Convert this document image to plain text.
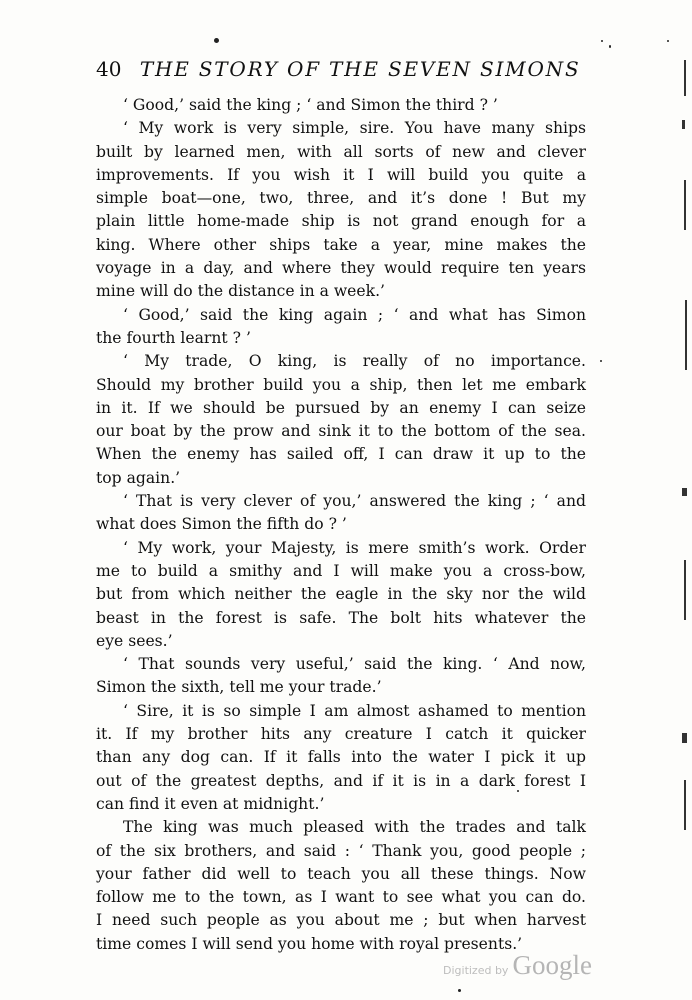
40 THE STORY OF THE SEVEN SIMONS
‘ Good,’ said the king ; ‘ and Simon the third ? ’
‘ My work is very simple, sire. You have many ships
built by learned men, with all sorts of new and clever
improvements. If you wish it I will build you quite a
simple boat—one, two, three, and it’s done ! But my
plain little home-made ship is not grand enough for a
king. Where other ships take a year, mine makes the
voyage in a day, and where they would require ten years
mine will do the distance in a week.’
‘ Good,’ said the king again ; ‘ and what has Simon
the fourth learnt ? ’
‘ My trade, O king, is really of no importance.
Should my brother build you a ship, then let me embark
in it. If we should be pursued by an enemy I can seize
our boat by the prow and sink it to the bottom of the sea.
When the enemy has sailed off, I can draw it up to the
top again.’
‘ That is very clever of you,’ answered the king ; ‘ and
what does Simon the fifth do ? ’
‘ My work, your Majesty, is mere smith’s work. Order
me to build a smithy and I will make you a cross-bow,
but from which neither the eagle in the sky nor the wild
beast in the forest is safe. The bolt hits whatever the
eye sees.’
‘ That sounds very useful,’ said the king. ‘ And now,
Simon the sixth, tell me your trade.’
‘ Sire, it is so simple I am almost ashamed to mention
it. If my brother hits any creature I catch it quicker
than any dog can. If it falls into the water I pick it up
out of the greatest depths, and if it is in a dark forest I
can find it even at midnight.’
The king was much pleased with the trades and talk
of the six brothers, and said : ‘ Thank you, good people ;
your father did well to teach you all these things. Now
follow me to the town, as I want to see what you can do.
I need such people as you about me ; but when harvest
time comes I will send you home with royal presents.’
Digitized by Google
